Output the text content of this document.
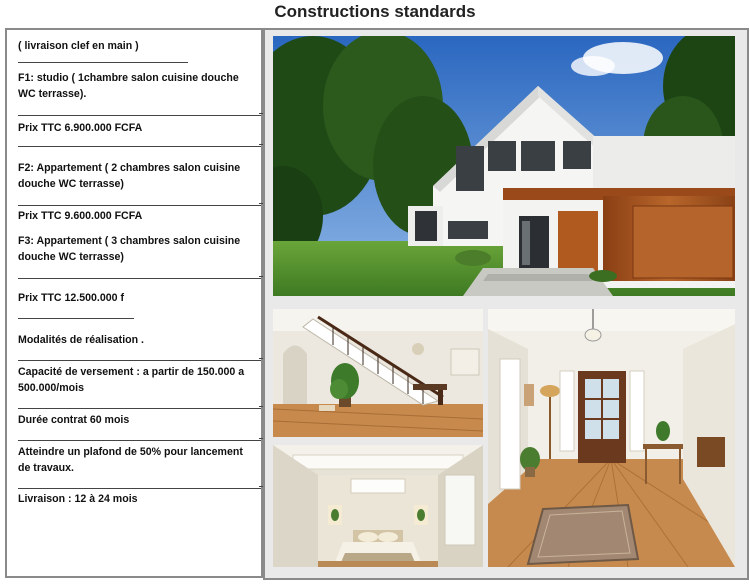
Constructions standards
( livraison clef en main )
F1: studio ( 1chambre salon cuisine douche WC terrasse).
Prix TTC 6.900.000 FCFA
F2: Appartement ( 2 chambres salon cuisine douche WC terrasse)
Prix TTC 9.600.000 FCFA
F3: Appartement ( 3 chambres salon cuisine douche WC terrasse)
Prix TTC 12.500.000 f
Modalités de réalisation .
Capacité de versement : a partir de 150.000 a 500.000/mois
Durée contrat 60 mois
Atteindre un plafond de 50% pour lancement de travaux.
Livraison : 12 à 24 mois
